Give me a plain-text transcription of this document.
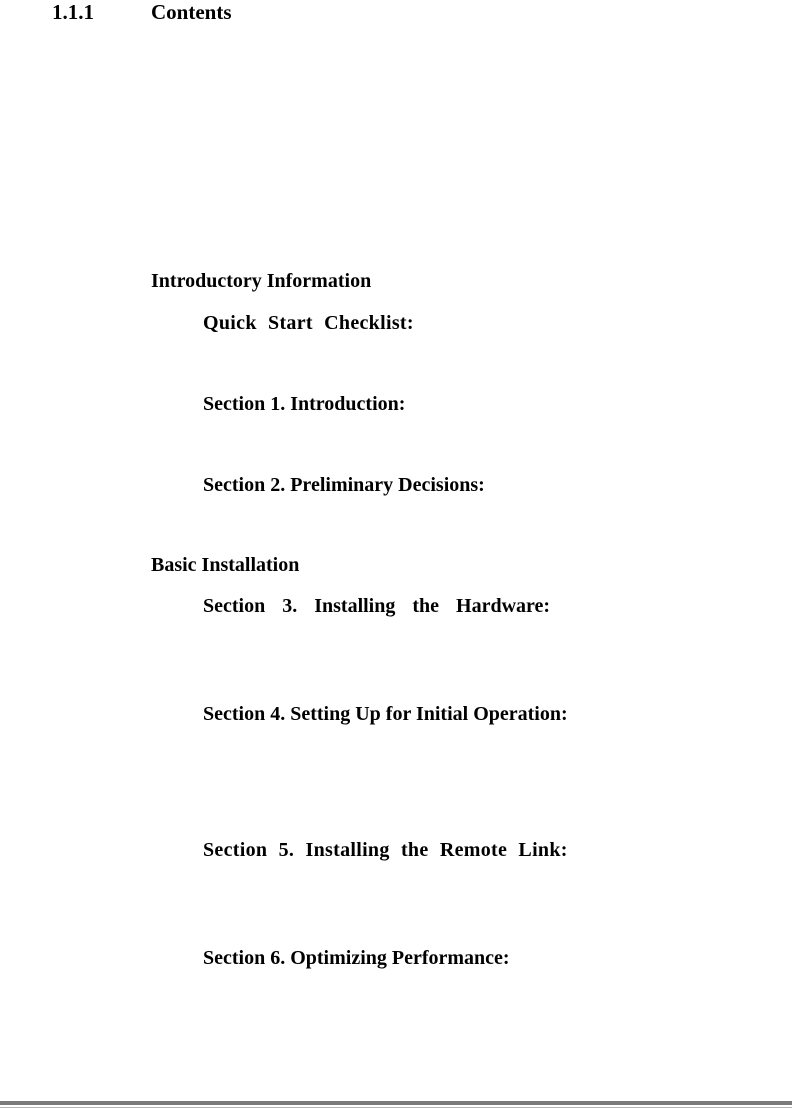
1.1.1	Contents
Introductory Information
Quick Start Checklist:
Section 1. Introduction:
Section 2. Preliminary Decisions:
Basic Installation
Section 3. Installing the Hardware:
Section 4. Setting Up for Initial Operation:
Section 5. Installing the Remote Link:
Section 6. Optimizing Performance:
